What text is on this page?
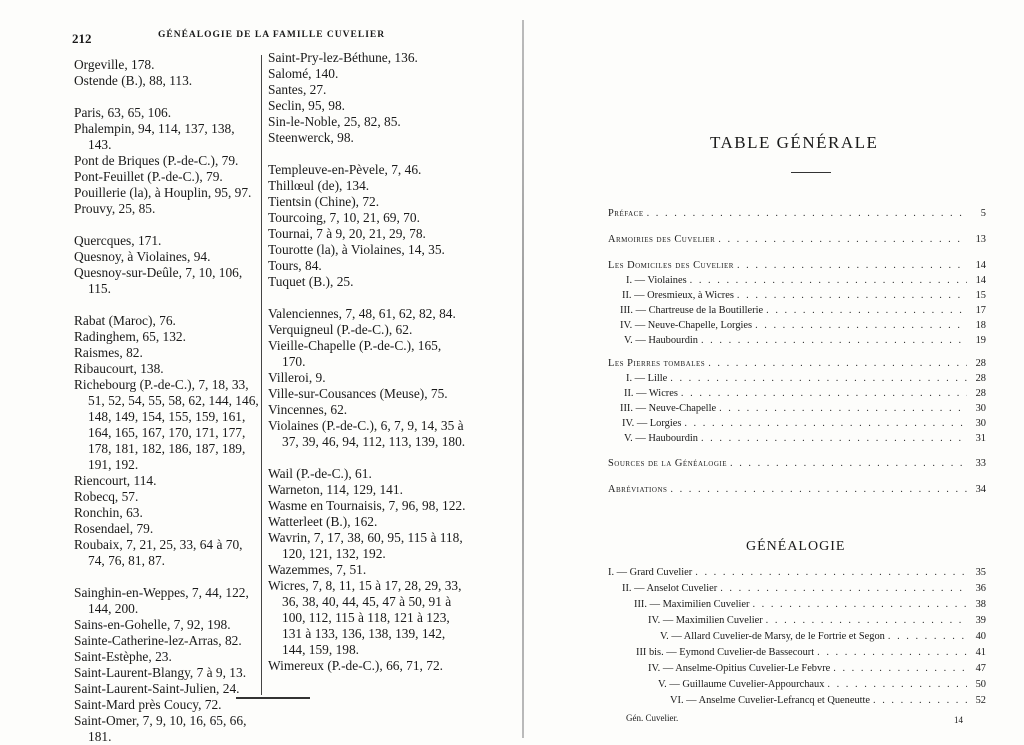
212	GÉNÉALOGIE DE LA FAMILLE CUVELIER
Orgeville, 178.
Ostende (B.), 88, 113.
Paris, 63, 65, 106.
Phalempin, 94, 114, 137, 138, 143.
Pont de Briques (P.-de-C.), 79.
Pont-Feuillet (P.-de-C.), 79.
Pouillerie (la), à Houplin, 95, 97.
Prouvy, 25, 85.
Quercques, 171.
Quesnoy, à Violaines, 94.
Quesnoy-sur-Deûle, 7, 10, 106, 115.
Rabat (Maroc), 76.
Radinghem, 65, 132.
Raismes, 82.
Ribaucourt, 138.
Richebourg (P.-de-C.), 7, 18, 33, 51, 52, 54, 55, 58, 62, 144, 146, 148, 149, 154, 155, 159, 161, 164, 165, 167, 170, 171, 177, 178, 181, 182, 186, 187, 189, 191, 192.
Riencourt, 114.
Robecq, 57.
Ronchin, 63.
Rosendael, 79.
Roubaix, 7, 21, 25, 33, 64 à 70, 74, 76, 81, 87.
Sainghin-en-Weppes, 7, 44, 122, 144, 200.
Sains-en-Gohelle, 7, 92, 198.
Sainte-Catherine-lez-Arras, 82.
Saint-Estèphe, 23.
Saint-Laurent-Blangy, 7 à 9, 13.
Saint-Laurent-Saint-Julien, 24.
Saint-Mard près Coucy, 72.
Saint-Omer, 7, 9, 10, 16, 65, 66, 181.
Saint-Pry-lez-Béthune, 136.
Salomé, 140.
Santes, 27.
Seclin, 95, 98.
Sin-le-Noble, 25, 82, 85.
Steenwerck, 98.
Templeuve-en-Pèvele, 7, 46.
Thillœul (de), 134.
Tientsin (Chine), 72.
Tourcoing, 7, 10, 21, 69, 70.
Tournai, 7 à 9, 20, 21, 29, 78.
Tourotte (la), à Violaines, 14, 35.
Tours, 84.
Tuquet (B.), 25.
Valenciennes, 7, 48, 61, 62, 82, 84.
Verquigneul (P.-de-C.), 62.
Vieille-Chapelle (P.-de-C.), 165, 170.
Villeroi, 9.
Ville-sur-Cousances (Meuse), 75.
Vincennes, 62.
Violaines (P.-de-C.), 6, 7, 9, 14, 35 à 37, 39, 46, 94, 112, 113, 139, 180.
Wail (P.-de-C.), 61.
Warneton, 114, 129, 141.
Wasme en Tournaisis, 7, 96, 98, 122.
Watterleet (B.), 162.
Wavrin, 7, 17, 38, 60, 95, 115 à 118, 120, 121, 132, 192.
Wazemmes, 7, 51.
Wicres, 7, 8, 11, 15 à 17, 28, 29, 33, 36, 38, 40, 44, 45, 47 à 50, 91 à 100, 112, 115 à 118, 121 à 123, 131 à 133, 136, 138, 139, 142, 144, 159, 198.
Wimereux (P.-de-C.), 66, 71, 72.
TABLE GÉNÉRALE
Préface . . .	5
Armoiries des Cuvelier . . .	13
Les Domiciles des Cuvelier . . .	14
I. — Violaines . . .	14
II. — Oresmieux, à Wicres . . .	15
III. — Chartreuse de la Boutillerie . . .	17
IV. — Neuve-Chapelle, Lorgies . . .	18
V. — Haubourdin . . .	19
Les Pierres tombales . . .	28
I. — Lille . . .	28
II. — Wicres . . .	28
III. — Neuve-Chapelle . . .	30
IV. — Lorgies . . .	30
V. — Haubourdin . . .	31
Sources de la Généalogie . . .	33
Abréviations . . .	34
GÉNÉALOGIE
I. — Grard Cuvelier . . .	35
II. — Anselot Cuvelier . . .	36
III. — Maximilien Cuvelier . . .	38
IV. — Maximilien Cuvelier . . .	39
V. — Allard Cuvelier-de Marsy, de le Fortrie et Segon . . .	40
III bis. — Eymond Cuvelier-de Bassecourt . . .	41
IV. — Anselme-Opitius Cuvelier-Le Febvre . . .	47
V. — Guillaume Cuvelier-Appourchaux . . .	50
VI. — Anselme Cuvelier-Lefrancq et Queneutte . . .	52
Gén. Cuvelier.	14
